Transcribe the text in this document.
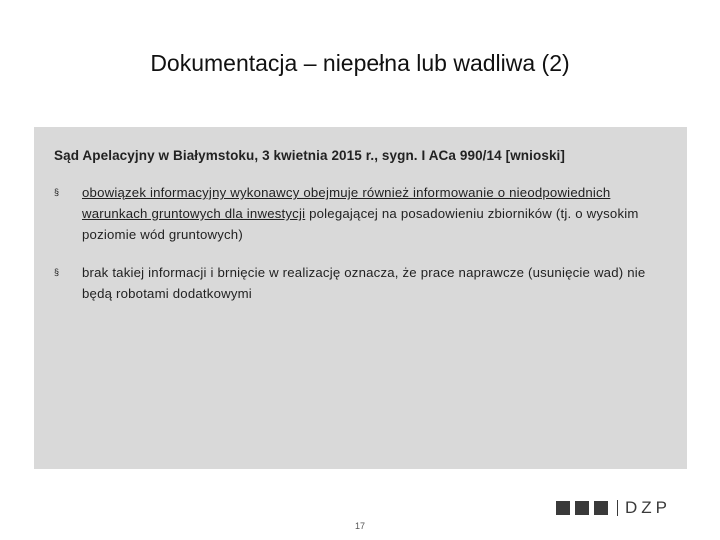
Dokumentacja – niepełna lub wadliwa (2)
Sąd Apelacyjny w Białymstoku, 3 kwietnia 2015 r., sygn. I ACa 990/14 [wnioski]
§ obowiązek informacyjny wykonawcy obejmuje również informowanie o nieodpowiednich warunkach gruntowych dla inwestycji polegającej na posadowieniu zbiorników (tj. o wysokim poziomie wód gruntowych)
§ brak takiej informacji i brnięcie w realizację oznacza, że prace naprawcze (usunięcie wad) nie będą robotami dodatkowymi
DZP
17
